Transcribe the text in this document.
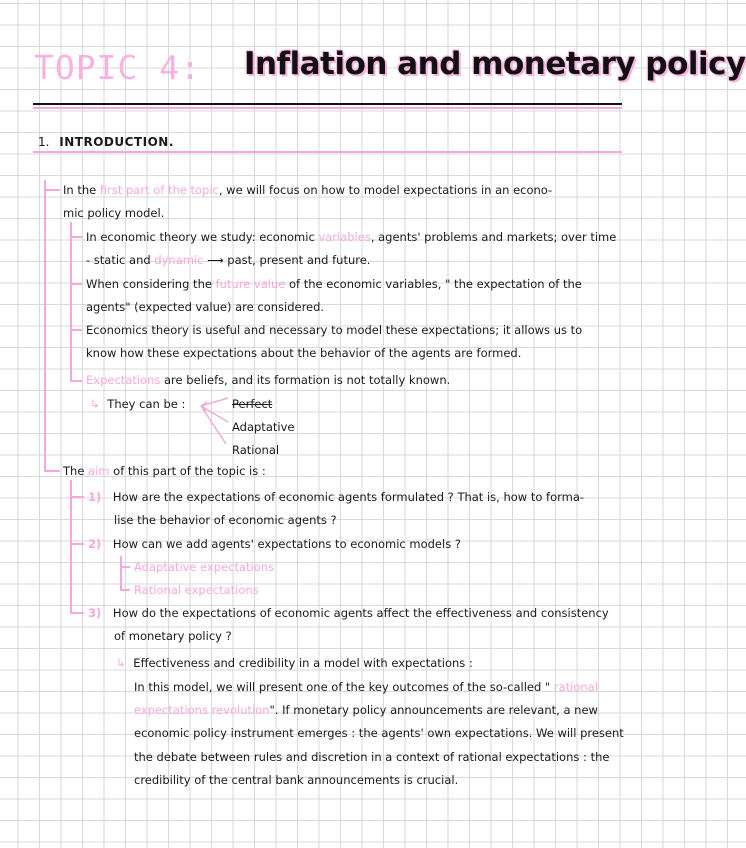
TOPIC 4: Inflation and monetary policy
1. INTRODUCTION.
In the first part of the topic, we will focus on how to model expectations in an econo-
mic policy model.
In economic theory we study: economic variables, agents' problems and markets; over time
- static and dynamic ⟶ past, present and future.
When considering the future value of the economic variables, " the expectation of the
agents" (expected value) are considered.
Economics theory is useful and necessary to model these expectations; it allows us to
know how these expectations about the behavior of the agents are formed.
Expectations are beliefs, and its formation is not totally known.
↳ They can be :	Perfect
Adaptative
Rational
The aim of this part of the topic is :
1) How are the expectations of economic agents formulated ? That is, how to forma-
lise the behavior of economic agents ?
2) How can we add agents' expectations to economic models ?
Adaptative expectations
Rational expectations
3) How do the expectations of economic agents affect the effectiveness and consistency
of monetary policy ?
↳ Effectiveness and credibility in a model with expectations :
In this model, we will present one of the key outcomes of the so-called " rational
expectations revolution". If monetary policy announcements are relevant, a new
economic policy instrument emerges : the agents' own expectations. We will present
the debate between rules and discretion in a context of rational expectations : the
credibility of the central bank announcements is crucial.
